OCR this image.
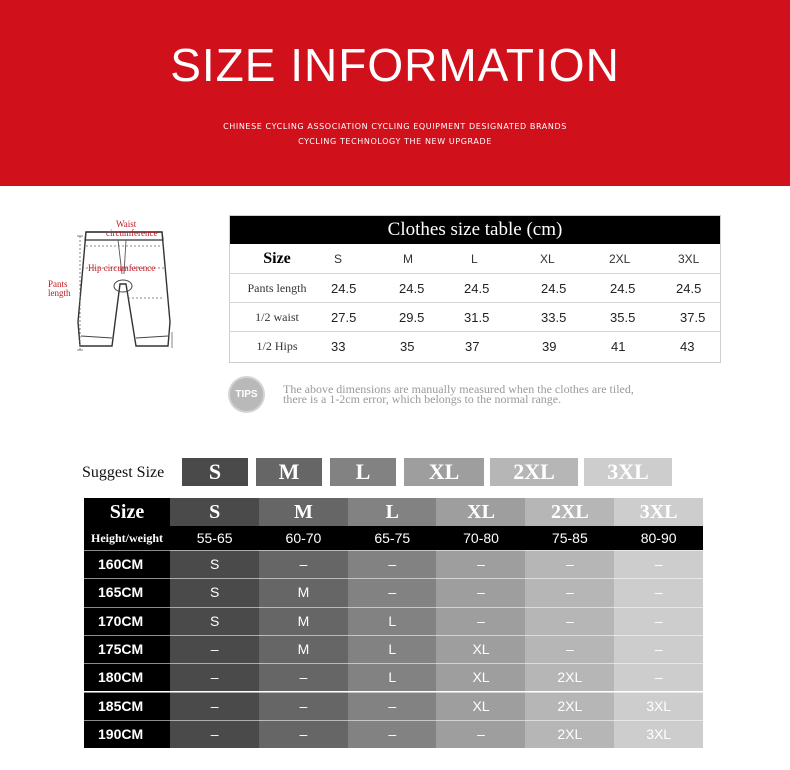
SIZE INFORMATION
CHINESE CYCLING ASSOCIATION CYCLING EQUIPMENT DESIGNATED BRANDS
CYCLING TECHNOLOGY THE NEW UPGRADE
Waist
circumference
Hip circumference
Pants
length
Clothes size table (cm)
Size	S	M	L	XL	2XL	3XL
Pants length	24.5	24.5	24.5	24.5	24.5	24.5
1/2 waist	27.5	29.5	31.5	33.5	35.5	37.5
1/2 Hips	33	35	37	39	41	43
TIPS	The above dimensions are manually measured when the clothes are tiled,
there is a 1-2cm error, which belongs to the normal range.
Suggest Size	S	M	L	XL	2XL	3XL
Size	S	M	L	XL	2XL	3XL
Height/weight	55-65	60-70	65-75	70-80	75-85	80-90
160CM	S	–	–	–	–	–
165CM	S	M	–	–	–	–
170CM	S	M	L	–	–	–
175CM	–	M	L	XL	–	–
180CM	–	–	L	XL	2XL	–
185CM	–	–	–	XL	2XL	3XL
190CM	–	–	–	–	2XL	3XL
